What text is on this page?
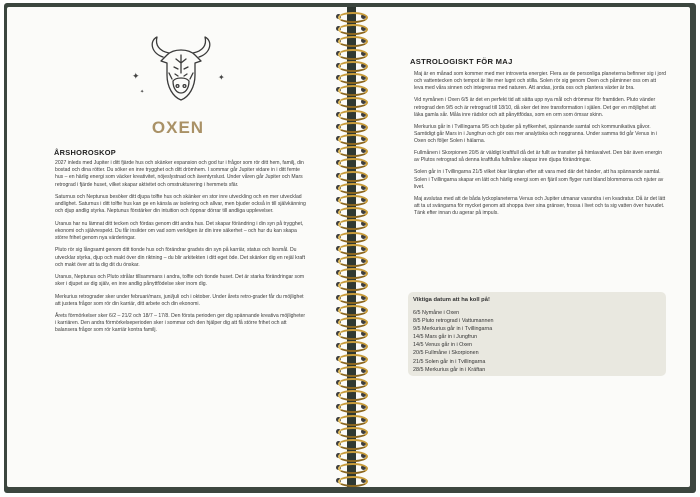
✦	✦
✦
OXEN
ÅRSHOROSKOP

2027 inleds med Jupiter i ditt fjärde hus och skänker expansion och god tur i frågor som rör ditt hem, familj, din bostad och dina rötter. Du söker en inre trygghet och ditt drömhem. I sommar går Jupiter vidare in i ditt femte hus – en härlig energi som väcker kreativitet, nöjeslystnad och äventyrslust. Under våren går Jupiter och Mars retrograd i fjärde huset, vilket skapar aktivitet och omstrukturering i hemmets sfär.

Saturnus och Neptunus besöker ditt djupa tolfte hus och skänker en stor inre utveckling och en mer utvecklad andlighet. Saturnus i ditt tolfte hus kan ge en känsla av isolering och allvar, men bjuder också in till självkänning och djup andlig styrka. Neptunus förstärker din intuition och öppnar dörrar till andliga upplevelser.

Uranus har nu lämnat ditt tecken och fördas genom ditt andra hus. Det skapar förändring i din syn på trygghet, ekonomi och självrespekt. Du får insikter om vad som verkligen är din inre säkerhet – och hur du kan skapa större frihet genom nya värderingar.

Pluto rör sig långsamt genom ditt tionde hus och förändrar gradvis din syn på karriär, status och livsmål. Du utvecklar styrka, djup och makt över din riktning – du blir arkitekten i ditt eget öde. Det skänker dig en rejäl kraft och makt över att ta dig dit du önskar.

Uranus, Neptunus och Pluto strålar tillsammans i andra, tolfte och tionde huset. Det är starka förändringar som sker i djupet av dig själv, en inre andlig pånyttfödelse sker inom dig.

Merkurius retrograder sker under februari/mars, juni/juli och i oktober. Under årets retro-grader får du möjlighet att justera frågor som rör din karriär, ditt arbete och din ekonomi.

Årets förmörkelser sker 6/2 – 21/2 och 18/7 – 17/8. Den första perioden ger dig spännande kreativa möjligheter i karriären. Den andra förmörkelseperioden sker i sommar och den hjälper dig att få större frihet och att balansera frågor som rör karriär kontra familj.

ASTROLOGISKT FÖR MAJ

Maj är en månad som kommer med mer introverta energier. Flera av de personliga planeterna befinner sig i jord och vattentecken och tempot är lite mer lugnt och stilla. Solen rör sig genom Oxen och påminner oss om att leva med våra sinnen och integreras med naturen. Att andas, jorda oss och plantera växter är bra.

Vid nymånen i Oxen 6/5 är det en perfekt tid att sätta upp nya mål och drömmar för framtiden. Pluto vänder retrograd den 9/5 och är retrograd till 18/10, då sker det inre transformation i själen. Det ger en möjlighet att läka gamla sår. Måla inre rädslor och att pånyttfödas, som en orm som ömsar skinn.

Merkurius går in i Tvillingarna 9/5 och bjuder på nyfikenhet, spännande samtal och kommunikativa gåvor. Samtidigt går Mars in i Jungfrun och gör oss mer analytiska och noggranna. Under samma tid går Venus in i Oxen och följer Solen i hälarna.

Fullmånen i Skorpionen 20/5 är väldigt kraftfull då det är fullt av transiter på himlavalvet. Den bär även energin av Plutos retrograd så denna kraftfulla fullmåne skapar inre djupa förändringar.

Solen går in i Tvillingarna 21/5 vilket ökar längtan efter att vara med där det händer, att ha spännande samtal. Solen i Tvillingarna skapar en lätt och härlig energi som en fjäril som flyger runt bland blommorna och njuter av livet.

Maj avslutas med att de båda lyckoplaneterna Venus och Jupiter utmanar varandra i en kvadratur. Då är det lätt att ta ut svängarna för mycket genom att shoppa över sina gränser, frossa i livet och ta sig vatten över huvudet. Tänk efter innan du agerar på impuls.

Viktiga datum att ha koll på!
6/5 Nymåne i Oxen
8/5 Pluto retrograd i Vattumannen
9/5 Merkurius går in i Tvillingarna
14/5 Mars går in i Jungfrun
14/5 Venus går in i Oxen
20/5 Fullmåne i Skorpionen
21/5 Solen går in i Tvillingarna
28/5 Merkurius går in i Kräftan
